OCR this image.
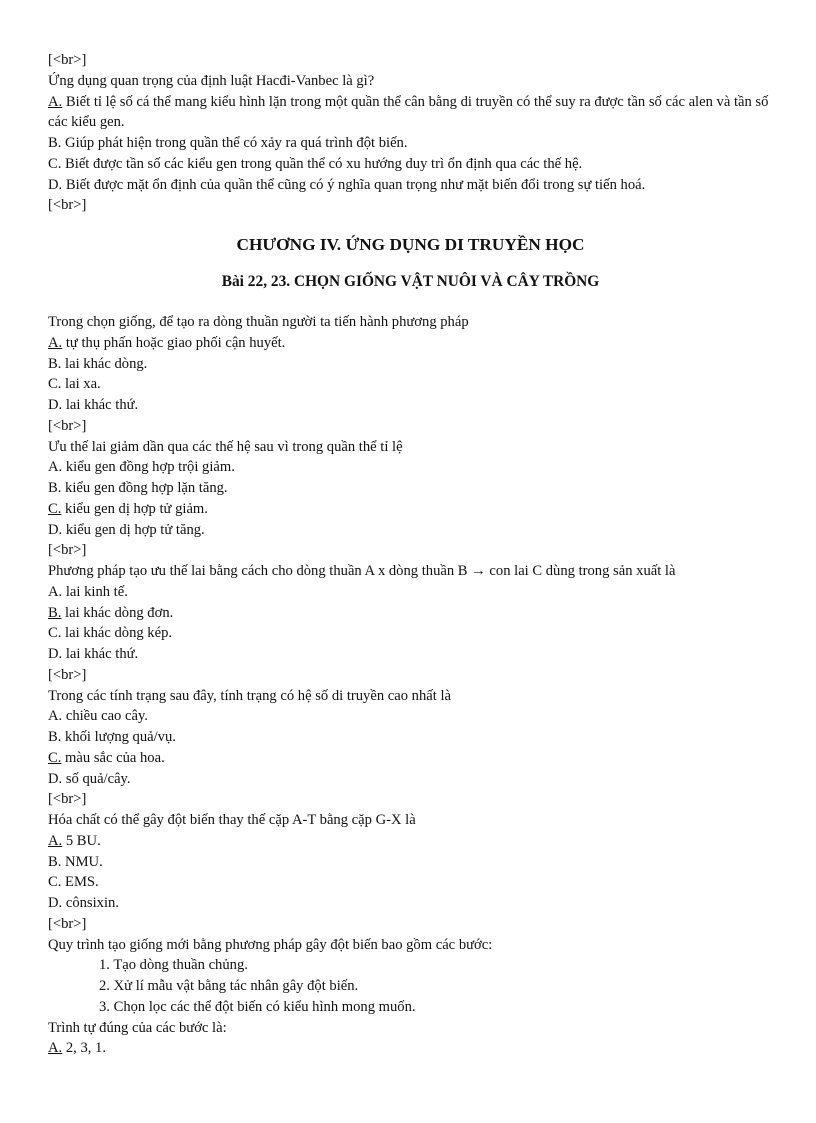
[<br>]
Ứng dụng quan trọng của định luật Hacđi-Vanbec là gì?
A. Biết tỉ lệ số cá thể mang kiểu hình lặn trong một quần thể cân bằng di truyền có thể suy ra được tần số các alen và tần số các kiểu gen.
B. Giúp phát hiện trong quần thể có xảy ra quá trình đột biến.
C. Biết được tần số các kiểu gen trong quần thể có xu hướng duy trì ổn định qua các thế hệ.
D. Biết được mặt ổn định của quần thể cũng có ý nghĩa quan trọng như mặt biến đổi trong sự tiến hoá.
[<br>]
CHƯƠNG IV. ỨNG DỤNG DI TRUYỀN HỌC
Bài 22, 23. CHỌN GIỐNG VẬT NUÔI VÀ CÂY TRỒNG
Trong chọn giống, để tạo ra dòng thuần người ta tiến hành phương pháp
A. tự thụ phấn hoặc giao phối cận huyết.
B. lai khác dòng.
C. lai xa.
D. lai khác thứ.
[<br>]
Ưu thế lai giảm dần qua các thế hệ sau vì trong quần thể tỉ lệ
A. kiểu gen đồng hợp trội giảm.
B. kiểu gen đồng hợp lặn tăng.
C. kiểu gen dị hợp tử giảm.
D. kiểu gen dị hợp tử tăng.
[<br>]
Phương pháp tạo ưu thế lai bằng cách cho dòng thuần A x dòng thuần B → con lai C dùng trong sản xuất là
A. lai kinh tế.
B. lai khác dòng đơn.
C. lai khác dòng kép.
D. lai khác thứ.
[<br>]
Trong các tính trạng sau đây, tính trạng có hệ số di truyền cao nhất là
A. chiều cao cây.
B. khối lượng quả/vụ.
C. màu sắc của hoa.
D. số quả/cây.
[<br>]
Hóa chất có thể gây đột biến thay thế cặp A-T bằng cặp G-X là
A. 5 BU.
B. NMU.
C. EMS.
D. cônsixin.
[<br>]
Quy trình tạo giống mới bằng phương pháp gây đột biến bao gồm các bước:
1. Tạo dòng thuần chủng.
2. Xử lí mẫu vật bằng tác nhân gây đột biến.
3. Chọn lọc các thể đột biến có kiểu hình mong muốn.
Trình tự đúng của các bước là:
A. 2, 3, 1.
